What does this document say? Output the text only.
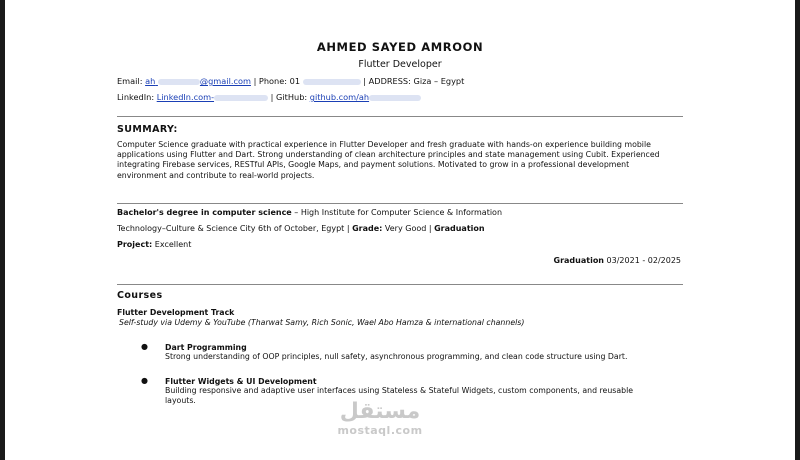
AHMED SAYED AMROON
Flutter Developer
Email: ah	@gmail.com | Phone: 01	| ADDRESS: Giza – Egypt
LinkedIn: LinkedIn.com-	| GitHub: github.com/ah
SUMMARY:
Computer Science graduate with practical experience in Flutter Developer and fresh graduate with hands-on experience building mobile applications using Flutter and Dart. Strong understanding of clean architecture principles and state management using Cubit. Experienced integrating Firebase services, RESTful APIs, Google Maps, and payment solutions. Motivated to grow in a professional development environment and contribute to real-world projects.
Bachelor's degree in computer science – High Institute for Computer Science & Information
Technology–Culture & Science City 6th of October, Egypt | Grade: Very Good | Graduation
Project: Excellent
Graduation 03/2021 - 02/2025
Courses
Flutter Development Track
Self-study via Udemy & YouTube (Tharwat Samy, Rich Sonic, Wael Abo Hamza & international channels)
● Dart Programming
Strong understanding of OOP principles, null safety, asynchronous programming, and clean code structure using Dart.
● Flutter Widgets & UI Development
Building responsive and adaptive user interfaces using Stateless & Stateful Widgets, custom components, and reusable layouts.	مستقل
mostaql.com
